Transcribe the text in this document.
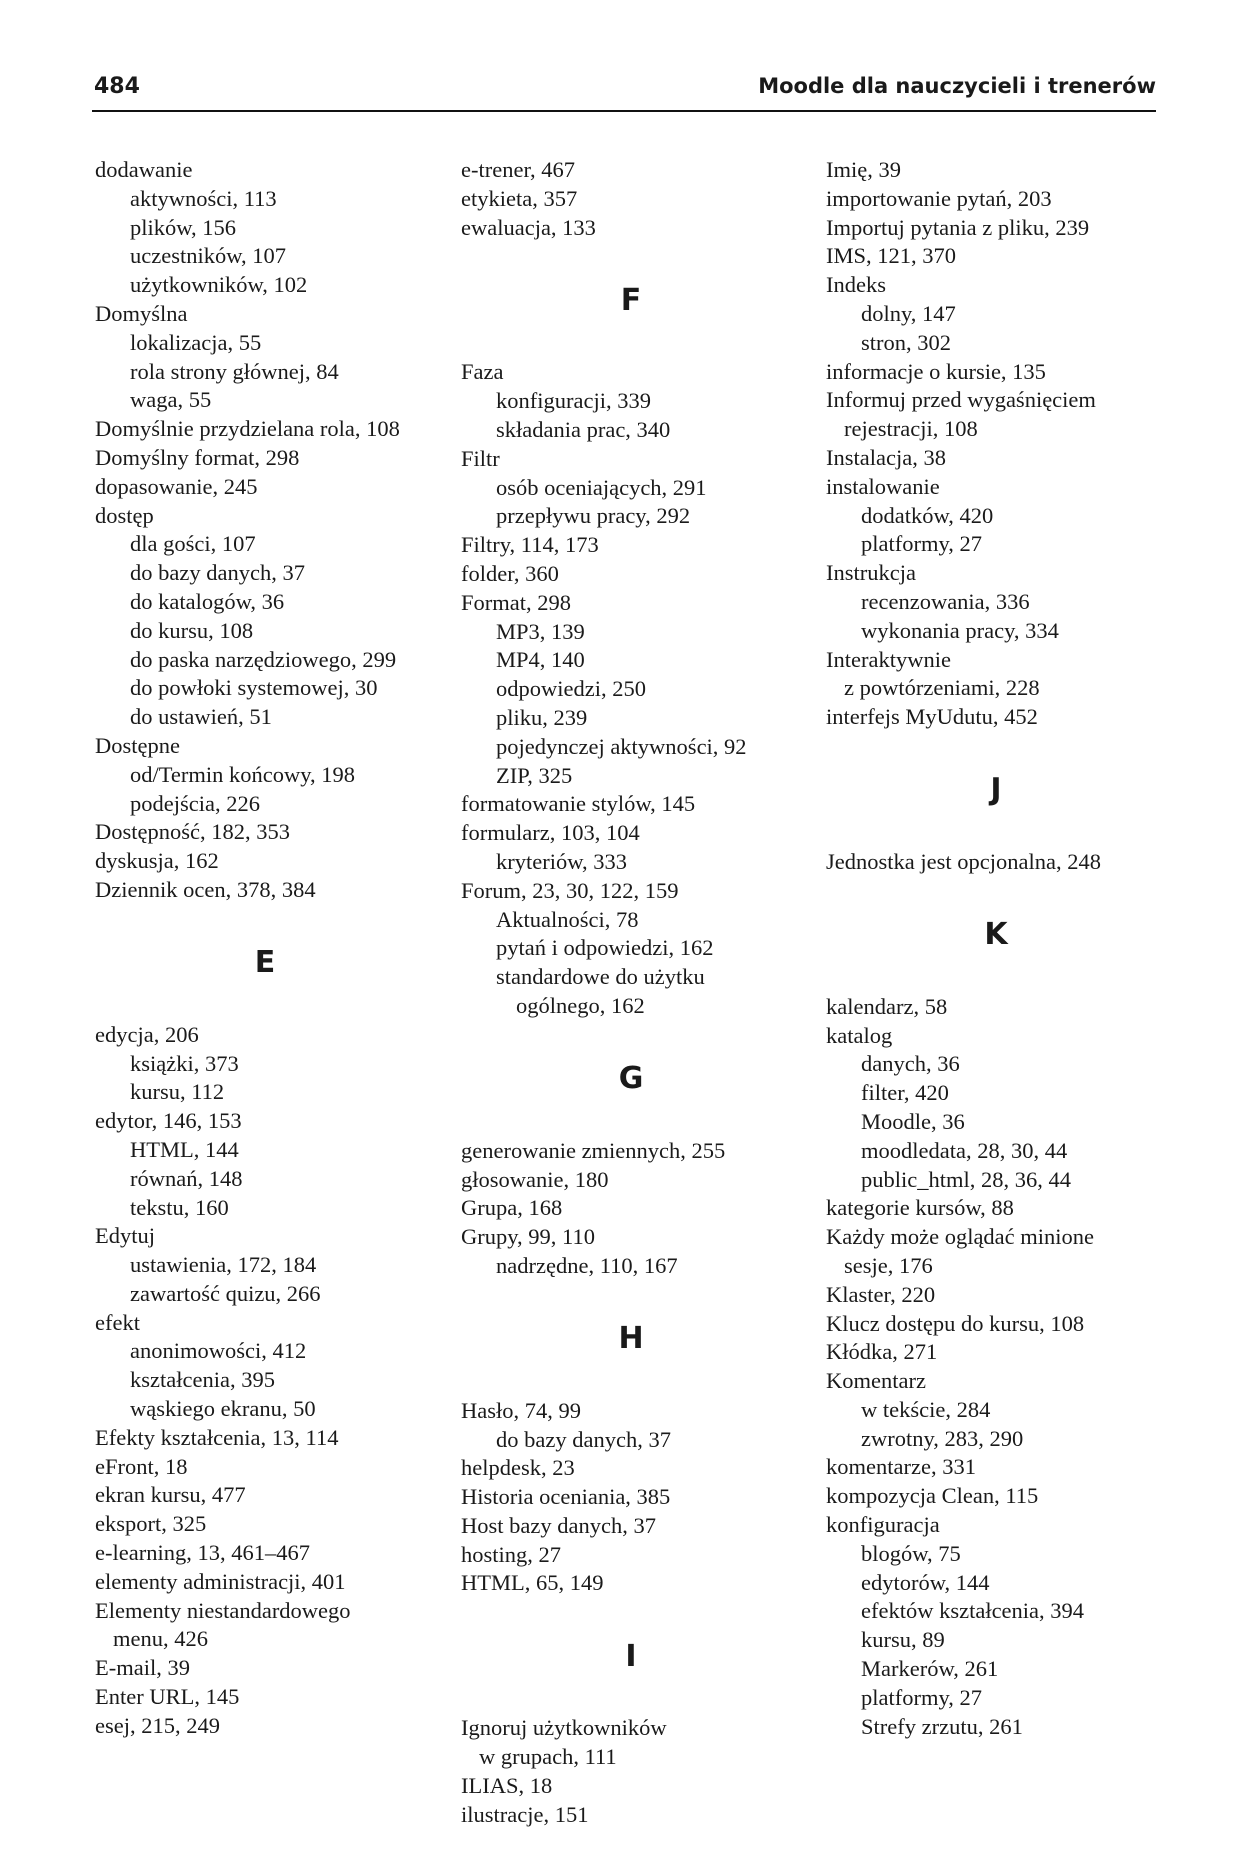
484	Moodle dla nauczycieli i trenerów
dodawanie
aktywności, 113
plików, 156
uczestników, 107
użytkowników, 102
Domyślna
lokalizacja, 55
rola strony głównej, 84
waga, 55
Domyślnie przydzielana rola, 108
Domyślny format, 298
dopasowanie, 245
dostęp
dla gości, 107
do bazy danych, 37
do katalogów, 36
do kursu, 108
do paska narzędziowego, 299
do powłoki systemowej, 30
do ustawień, 51
Dostępne
od/Termin końcowy, 198
podejścia, 226
Dostępność, 182, 353
dyskusja, 162
Dziennik ocen, 378, 384
E
edycja, 206
książki, 373
kursu, 112
edytor, 146, 153
HTML, 144
równań, 148
tekstu, 160
Edytuj
ustawienia, 172, 184
zawartość quizu, 266
efekt
anonimowości, 412
kształcenia, 395
wąskiego ekranu, 50
Efekty kształcenia, 13, 114
eFront, 18
ekran kursu, 477
eksport, 325
e-learning, 13, 461–467
elementy administracji, 401
Elementy niestandardowego
menu, 426
E-mail, 39
Enter URL, 145
esej, 215, 249
e-trener, 467
etykieta, 357
ewaluacja, 133
F
Faza
konfiguracji, 339
składania prac, 340
Filtr
osób oceniających, 291
przepływu pracy, 292
Filtry, 114, 173
folder, 360
Format, 298
MP3, 139
MP4, 140
odpowiedzi, 250
pliku, 239
pojedynczej aktywności, 92
ZIP, 325
formatowanie stylów, 145
formularz, 103, 104
kryteriów, 333
Forum, 23, 30, 122, 159
Aktualności, 78
pytań i odpowiedzi, 162
standardowe do użytku
ogólnego, 162
G
generowanie zmiennych, 255
głosowanie, 180
Grupa, 168
Grupy, 99, 110
nadrzędne, 110, 167
H
Hasło, 74, 99
do bazy danych, 37
helpdesk, 23
Historia oceniania, 385
Host bazy danych, 37
hosting, 27
HTML, 65, 149
I
Ignoruj użytkowników
w grupach, 111
ILIAS, 18
ilustracje, 151
Imię, 39
importowanie pytań, 203
Importuj pytania z pliku, 239
IMS, 121, 370
Indeks
dolny, 147
stron, 302
informacje o kursie, 135
Informuj przed wygaśnięciem
rejestracji, 108
Instalacja, 38
instalowanie
dodatków, 420
platformy, 27
Instrukcja
recenzowania, 336
wykonania pracy, 334
Interaktywnie
z powtórzeniami, 228
interfejs MyUdutu, 452
J
Jednostka jest opcjonalna, 248
K
kalendarz, 58
katalog
danych, 36
filter, 420
Moodle, 36
moodledata, 28, 30, 44
public_html, 28, 36, 44
kategorie kursów, 88
Każdy może oglądać minione
sesje, 176
Klaster, 220
Klucz dostępu do kursu, 108
Kłódka, 271
Komentarz
w tekście, 284
zwrotny, 283, 290
komentarze, 331
kompozycja Clean, 115
konfiguracja
blogów, 75
edytorów, 144
efektów kształcenia, 394
kursu, 89
Markerów, 261
platformy, 27
Strefy zrzutu, 261
